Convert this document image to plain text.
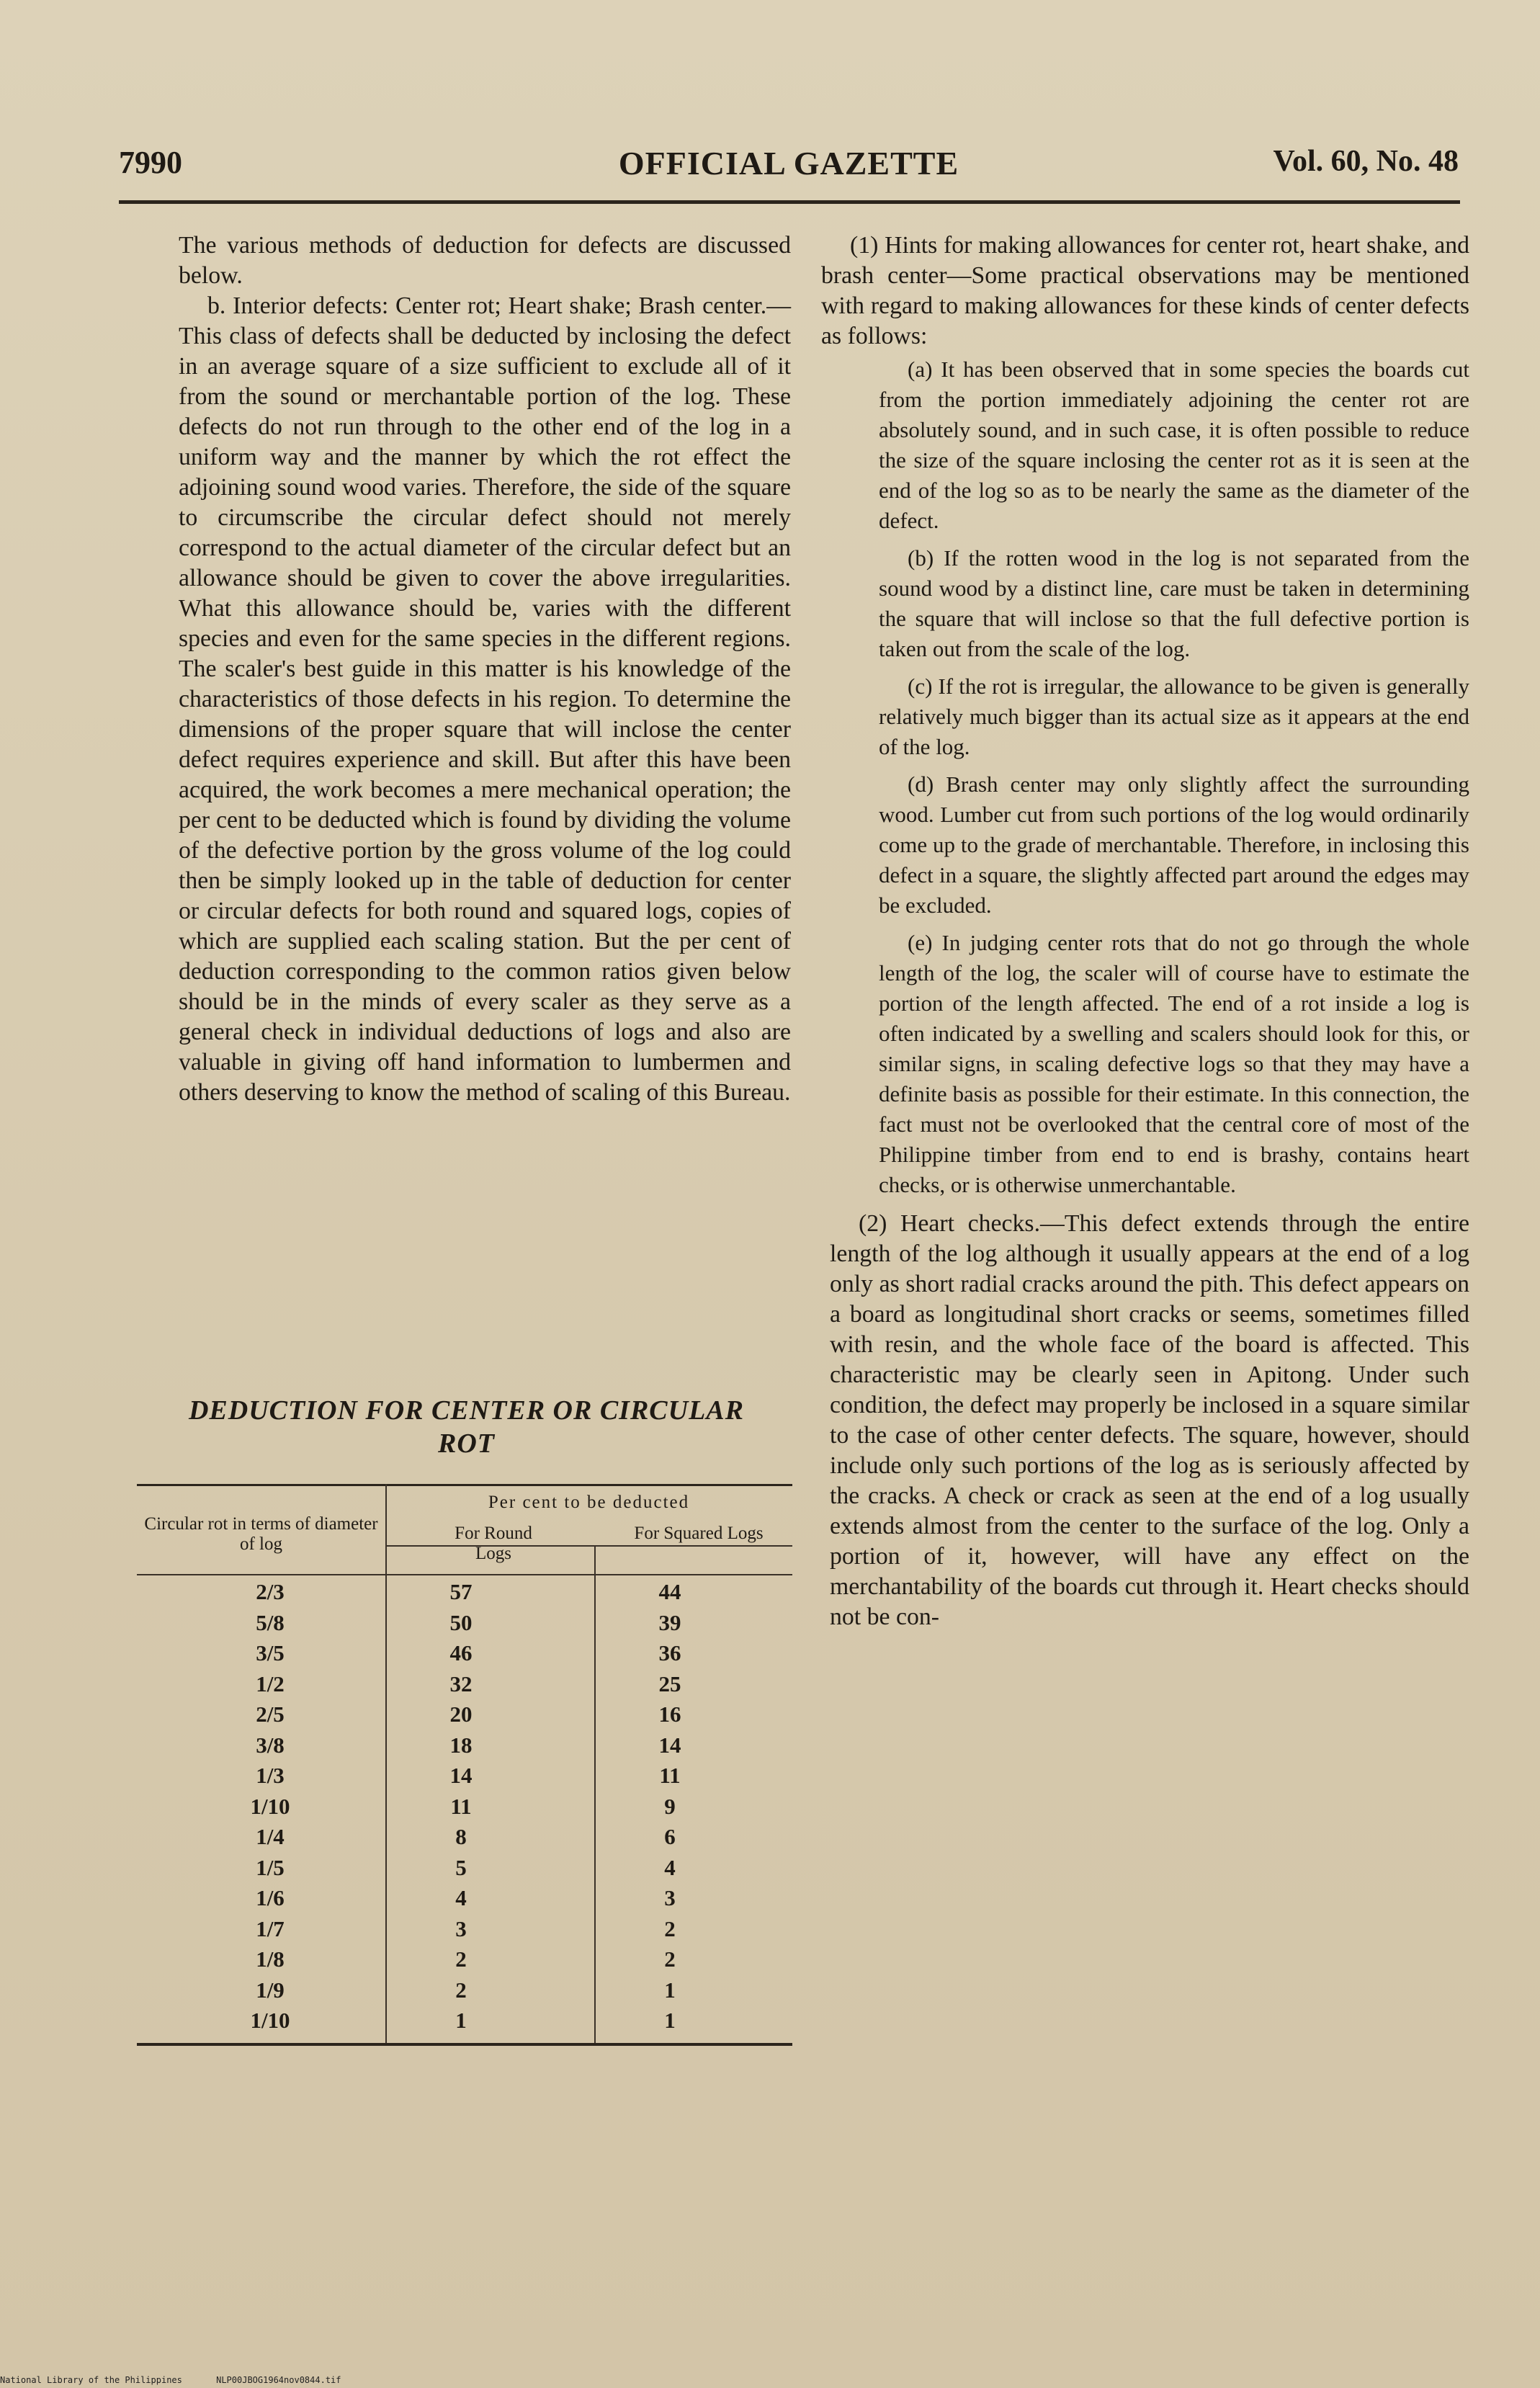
7990	OFFICIAL GAZETTE	Vol. 60, No. 48

The various methods of deduction for defects are discussed below.

b. Interior defects: Center rot; Heart shake; Brash center.—This class of defects shall be deducted by inclosing the defect in an average square of a size sufficient to exclude all of it from the sound or merchantable portion of the log. These defects do not run through to the other end of the log in a uniform way and the manner by which the rot effect the adjoining sound wood varies. Therefore, the side of the square to circumscribe the circular defect should not merely correspond to the actual diameter of the circular defect but an allowance should be given to cover the above irregularities. What this allowance should be, varies with the different species and even for the same species in the different regions. The scaler's best guide in this matter is his knowledge of the characteristics of those defects in his region. To determine the dimensions of the proper square that will inclose the center defect requires experience and skill. But after this have been acquired, the work becomes a mere mechanical operation; the per cent to be deducted which is found by dividing the volume of the defective portion by the gross volume of the log could then be simply looked up in the table of deduction for center or circular defects for both round and squared logs, copies of which are supplied each scaling station. But the per cent of deduction corresponding to the common ratios given below should be in the minds of every scaler as they serve as a general check in individual deductions of logs and also are valuable in giving off hand information to lumbermen and others deserving to know the method of scaling of this Bureau.

DEDUCTION FOR CENTER OR CIRCULAR
ROT
Circular rot in terms of diameter of log
Per cent to be deducted
For Round Logs
For Squared Logs
2/3	57	44
5/8	50	39
3/5	46	36
1/2	32	25
2/5	20	16
3/8	18	14
1/3	14	11
1/10	11	9
1/4	8	6
1/5	5	4
1/6	4	3
1/7	3	2
1/8	2	2
1/9	2	1
1/10	1	1

(1) Hints for making allowances for center rot, heart shake, and brash center—Some practical observations may be mentioned with regard to making allowances for these kinds of center defects as follows:

(a) It has been observed that in some species the boards cut from the portion immediately adjoining the center rot are absolutely sound, and in such case, it is often possible to reduce the size of the square inclosing the center rot as it is seen at the end of the log so as to be nearly the same as the diameter of the defect.

(b) If the rotten wood in the log is not separated from the sound wood by a distinct line, care must be taken in determining the square that will inclose so that the full defective portion is taken out from the scale of the log.

(c) If the rot is irregular, the allowance to be given is generally relatively much bigger than its actual size as it appears at the end of the log.

(d) Brash center may only slightly affect the surrounding wood. Lumber cut from such portions of the log would ordinarily come up to the grade of merchantable. Therefore, in inclosing this defect in a square, the slightly affected part around the edges may be excluded.

(e) In judging center rots that do not go through the whole length of the log, the scaler will of course have to estimate the portion of the length affected. The end of a rot inside a log is often indicated by a swelling and scalers should look for this, or similar signs, in scaling defective logs so that they may have a definite basis as possible for their estimate. In this connection, the fact must not be overlooked that the central core of most of the Philippine timber from end to end is brashy, contains heart checks, or is otherwise unmerchantable.

(2) Heart checks.—This defect extends through the entire length of the log although it usually appears at the end of a log only as short radial cracks around the pith. This defect appears on a board as longitudinal short cracks or seems, sometimes filled with resin, and the whole face of the board is affected. This characteristic may be clearly seen in Apitong. Under such condition, the defect may properly be inclosed in a square similar to the case of other center defects. The square, however, should include only such portions of the log as is seriously affected by the cracks. A check or crack as seen at the end of a log usually extends almost from the center to the surface of the log. Only a portion of it, however, will have any effect on the merchantability of the boards cut through it. Heart checks should not be con-

National Library of the Philippines	NLP00JBOG1964nov0844.tif
